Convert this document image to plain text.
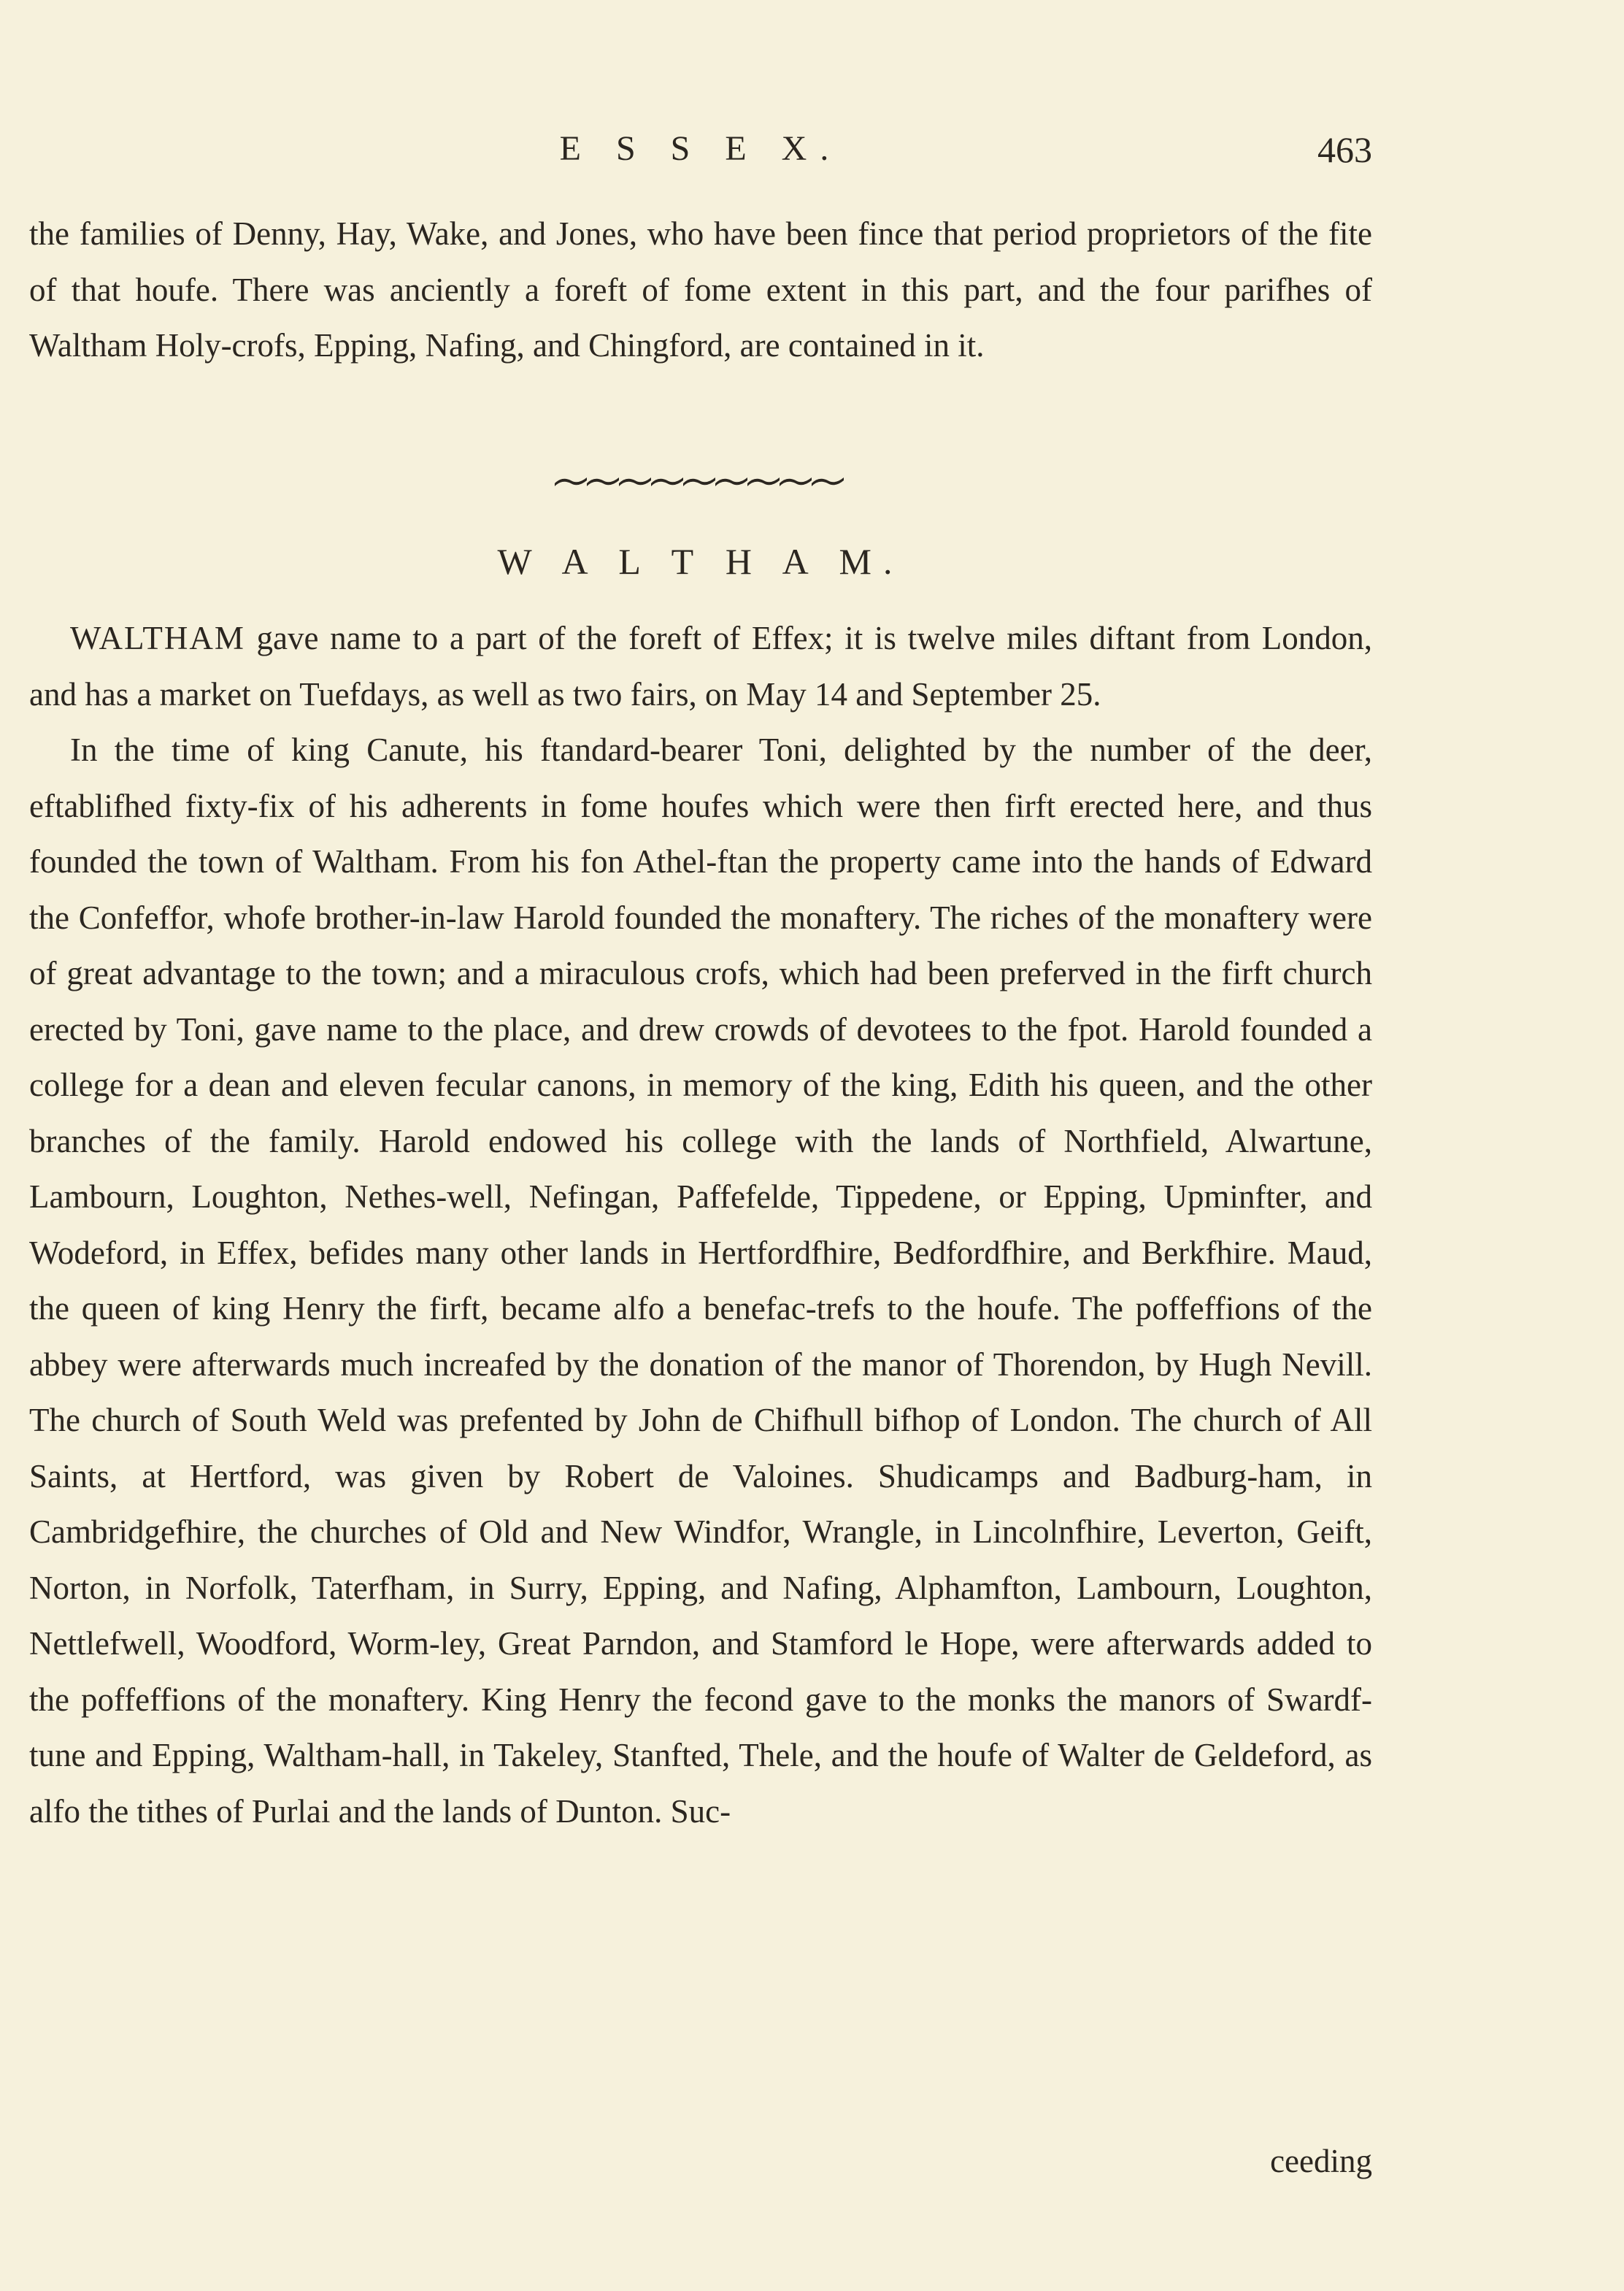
E S S E X.	463

the families of Denny, Hay, Wake, and Jones, who have been fince that period proprietors of the fite of that houfe. There was anciently a foreft of fome extent in this part, and the four parifhes of Waltham Holy-crofs, Epping, Nafing, and Chingford, are contained in it.

W A L T H A M.

WALTHAM gave name to a part of the foreft of Effex; it is twelve miles diftant from London, and has a market on Tuefdays, as well as two fairs, on May 14 and September 25.

In the time of king Canute, his ftandard-bearer Toni, delighted by the number of the deer, eftablifhed fixty-fix of his adherents in fome houfes which were then firft erected here, and thus founded the town of Waltham. From his fon Athel-ftan the property came into the hands of Edward the Confeffor, whofe brother-in-law Harold founded the monaftery. The riches of the monaftery were of great advantage to the town; and a miraculous crofs, which had been preferved in the firft church erected by Toni, gave name to the place, and drew crowds of devotees to the fpot. Harold founded a college for a dean and eleven fecular canons, in memory of the king, Edith his queen, and the other branches of the family. Harold endowed his college with the lands of Northfield, Alwartune, Lambourn, Loughton, Nethes-well, Nefingan, Paffefelde, Tippedene, or Epping, Upminfter, and Wodeford, in Effex, befides many other lands in Hertfordfhire, Bedfordfhire, and Berkfhire. Maud, the queen of king Henry the firft, became alfo a benefac-trefs to the houfe. The poffeffions of the abbey were afterwards much increafed by the donation of the manor of Thorendon, by Hugh Nevill. The church of South Weld was prefented by John de Chifhull bifhop of London. The church of All Saints, at Hertford, was given by Robert de Valoines. Shudicamps and Badburg-ham, in Cambridgefhire, the churches of Old and New Windfor, Wrangle, in Lincolnfhire, Leverton, Geift, Norton, in Norfolk, Taterfham, in Surry, Epping, and Nafing, Alphamfton, Lambourn, Loughton, Nettlefwell, Woodford, Worm-ley, Great Parndon, and Stamford le Hope, were afterwards added to the poffeffions of the monaftery. King Henry the fecond gave to the monks the manors of Swardf-tune and Epping, Waltham-hall, in Takeley, Stanfted, Thele, and the houfe of Walter de Geldeford, as alfo the tithes of Purlai and the lands of Dunton. Suc-

ceeding
